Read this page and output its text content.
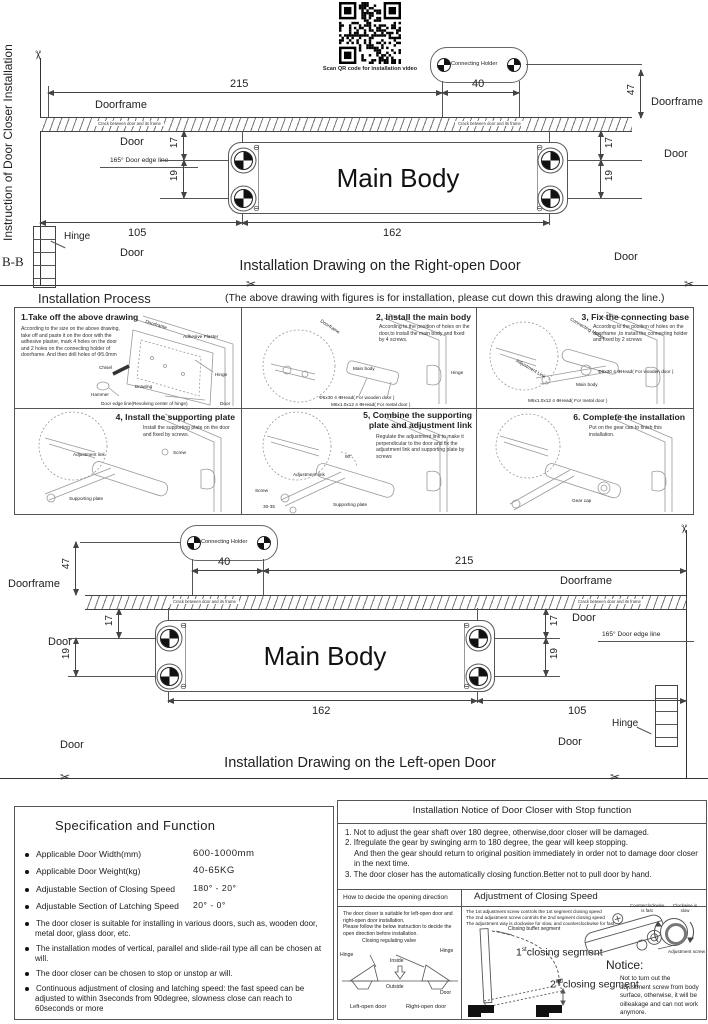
Instruction of Door Closer Installation ✂
✂	✂
Scan QR code for installation video
Connecting Holder
215	40	47
Doorframe	Doorframe
Crack between door and its frame	Crack between door and its frame
Door
Door
165° Door edge line
17
19
17
19
Main Body
⊖
⊖
⊖
⊖
105	162
Hinge
B-B
Door	Door
Installation Drawing on the Right-open Door
Installation Process	(The above drawing with figures is for installation, please cut down this drawing along the line.)
1.Take off the above drawing
According to the size on the above drawing, take off and paste it on the door with the adhesive plaster, mark 4 holes on the door and 2 holes on the connecting holder of doorframe. And then drill holes of Φ5.0mm
Doorframe
Adhesive Plaster
Chisel
Hammer
Drawing
Hinge
Door edge line(Revolving center of hinge)	Door
2, Install the main body
According to the position of holes on the door,to install the main body and fixed by 4 screws.
Doorframe
Main body
Hinge
Φ6x30 4 ⊕Head( For wooden door )
M6x1.0x12 4 ⊕Head( For metal door )
3, Fix the connecting base
According to the position of holes on the doorframe ,to install the connecting holder and fixed by 2 screws
Connecting Holder
Adjustment Link
Main body
Φ6x30 4 ⊕Head( For wooden door )
M6x1.0x12 4 ⊕Head( For metal door )
4, Install the supporting plate
Install the supporting plate on the door and fixed by screws.
Adjustment link	Screw
Supporting plate
5, Combine the supporting plate and adjustment link
Regulate the adjustment link to make it perpendicular to the door and fix the adjustment link and supporting plate by screws
90°
Adjustment link
Screw
30-35	Supporting plate
6. Complete the installation
Put on the gear can to finish this installation.
Gear cap
✂
Connecting Holder
40	215
47
Doorframe	Doorframe
Crack between door and its frame	Crack between door and its frame
Door
Door
165° Door edge line
17
19
17
19
Main Body
⊖
⊖
⊖
⊖
162	105
Hinge
Door	Door
Installation Drawing on the Left-open Door
✂	✂
Specification and Function
Applicable Door Width(mm)	600-1000mm
Applicable Door Weight(kg)	40-65KG
Adjustable Section of Closing Speed 180° - 20°
Adjustable Section of Latching Speed 20° - 0°

The door closer is suitable for installing in various doors, such as, wooden door, metal door, glass door, etc.

The installation modes of vertical, parallel and slide-rail type all can be chosen at will.

The door closer can be chosen to stop or unstop ar will.

Continuous adjustment of closing and latching speed: the fast speed can be adjusted to within 3seconds from 90degree, slowness close can reach to 60seconds or more

Installation Notice of Door Closer with Stop function
1. Not to adjust the gear shaft over 180 degree, otherwise,door closer will be damaged.
2. Ifregulate the gear by swinging arm to 180 degree, the gear will keep stopping.
And then the gear should return to original position immediately in order not to damage door closer in the next time.
3. The door closer has the automatically closing function.Better not to pull door by hand.
How to decide the opening direction	Adjustment of Closing Speed
The door closer is suitable for left-open door and right-open door installation.
Please follow the below instruction to decide the open direction before installation.
Closing regulating valve
Hinge
Hinge
Inside
Outside
Door
Left-open door	Right-open door
The 1st adjustment screw controls the 1st segment closing speed
The 2nd adjustment screw controls the 2nd segment closing speed
The adjustment way is clockwise for slow, and counterclockwise for fast.
Closing buffer segment
1stclosing segment
2ndclosing segment
Counterclockwise is fast
Clockwise is slow
Adjustment screw
Notice:
Not to turn out the adjustment screw from body surface, otherwise, it will be oilleakage and can not work anymore.
